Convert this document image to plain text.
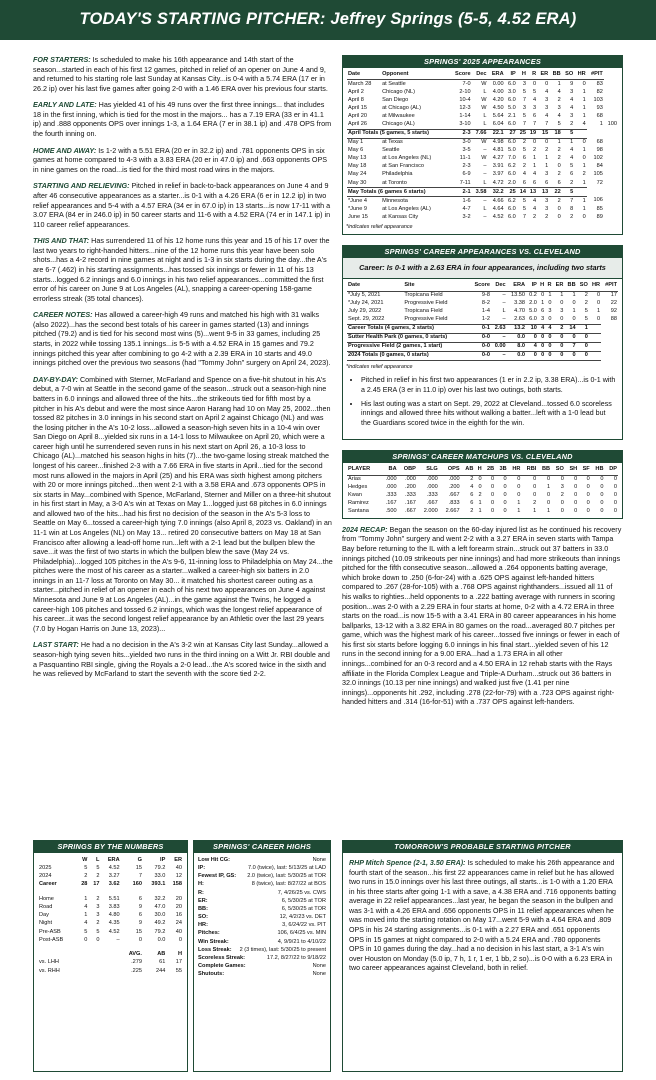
TODAY'S STARTING PITCHER: Jeffrey Springs (5-5, 4.52 ERA)

FOR STARTERS: Is scheduled to make his 16th appearance and 14th start of the season...started in each of his first 12 games, pitched in relief of an opener on June 4 and 9, and returned to his starting role last Sunday at Kansas City...is 0-4 with a 5.74 ERA (17 er in 26.2 ip) over his last five games after going 2-0 with a 1.46 ERA over his previous four starts.

EARLY AND LATE: Has yielded 41 of his 49 runs over the first three innings... that includes 18 in the first inning, which is tied for the most in the majors... has a 7.19 ERA (33 er in 41.1 ip) and .888 opponents OPS over innings 1-3, a 1.64 ERA (7 er in 38.1 ip) and .478 OPS from the fourth inning on.

HOME AND AWAY: Is 1-2 with a 5.51 ERA (20 er in 32.2 ip) and .781 opponents OPS in six games at home compared to 4-3 with a 3.83 ERA (20 er in 47.0 ip) and .663 opponents OPS in nine games on the road...is tied for the third most road wins in the majors.

STARTING AND RELIEVING: Pitched in relief in back-to-back appearances on June 4 and 9 after 46 consecutive appearances as a starter...is 0-1 with a 4.26 ERA (6 er in 12.2 ip) in two relief appearances and 5-4 with a 4.57 ERA (34 er in 67.0 ip) in 13 starts...is now 17-11 with a 3.07 ERA (84 er in 246.0 ip) in 50 career starts and 11-6 with a 4.52 ERA (74 er in 147.1 ip) in 110 career relief appearances.

THIS AND THAT: Has surrendered 11 of his 12 home runs this year and 15 of his 17 over the last two years to right-handed hitters...nine of the 12 home runs this year have been solo shots...has a 4-2 record in nine games at night and is 1-3 in six starts during the day...the A's are 6-7 (.462) in his starting assignments...has tossed six innings or fewer in 11 of his 13 starts...logged 6.2 innings and 6.0 innings in his two relief appearances...committed the first error of his career on June 9 at Los Angeles (AL), snapping a career-opening 158-game errorless streak (35 total chances).

CAREER NOTES: Has allowed a career-high 49 runs and matched his high with 31 walks (also 2022)...has the second best totals of his career in games started (13) and innings pitched (79.2) and is tied for his second most wins (5)...went 9-5 in 33 games, including 25 starts, in 2022 while tossing 135.1 innings...is 5-5 with a 4.52 ERA in 15 games and 79.2 innings pitched this year after combining to go 4-2 with a 2.39 ERA in 10 starts and 49.0 innings pitched over the previous two seasons (had "Tommy John" surgery on April 24, 2023).

DAY-BY-DAY: Combined with Sterner, McFarland and Spence on a five-hit shutout in his A's debut, a 7-0 win at Seattle in the second game of the season...struck out a season-high nine batters in 6.0 innings and allowed three of the hits...the strikeouts tied for fifth most by a pitcher in his A's debut and were the most since Aaron Harang had 10 on May 25, 2002...then tossed 82 pitches in 3.0 innings in his second start on April 2 against Chicago (NL) and was the losing pitcher in the A's 10-2 loss...allowed a season-high seven hits in a 10-4 win over San Diego on April 8...yielded six runs in a 14-1 loss to Milwaukee on April 20, which were a career high until he surrendered seven runs in his next start on April 26, a 10-3 loss to Chicago (AL)...matched his season highs in hits (7)...the two-game losing streak matched the longest of his career...finished 2-3 with a 7.66 ERA in five starts in April...tied for the second most runs allowed in the majors in April (25) and his ERA was sixth highest among pitchers with 20 or more innings pitched...then went 2-1 with a 3.58 ERA and .673 opponents OPS in six starts in May...combined with Spence, McFarland, Sterner and Miller on a three-hit shutout in his first start in May, a 3-0 A's win at Texas on May 1...logged just 68 pitches in 6.0 innings and allowed two of the hits...had his first no decision of the season in the A's 5-3 loss to Seattle on May 6...tossed a career-high tying 7.0 innings (also April 8, 2023 vs. Oakland) in an 11-1 win at Los Angeles (NL) on May 13... retired 20 consecutive batters on May 18 at San Francisco after allowing a lead-off home run...left with a 2-1 lead but the bullpen blew the save...it was the first of two starts in which the bullpen blew the save (May 24 vs. Philadelphia)...logged 105 pitches in the A's 9-6, 11-inning loss to Philadelphia on May 24...the pitches were the most of his career as a starter...walked a career-high six batters in 2.0 innings in an 11-7 loss at Toronto on May 30... it matched his shortest career outing as a starter...pitched in relief of an opener in each of his next two appearances on June 4 against Minnesota and June 9 at Los Angeles (AL)...in the game against the Twins, he logged a career-high 106 pitches and tossed 6.2 innings, which was the longest relief appearance of his career...it was the second longest relief appearance by an Athletic over the last 29 years (7.0 by Hogan Harris on June 13, 2023)...

LAST START: He had a no decision in the A's 3-2 win at Kansas City last Sunday...allowed a season-high tying seven hits...yielded two runs in the third inning on a Witt Jr. RBI double and a Pasquantino RBI single, giving the Royals a 2-0 lead...the A's scored twice in the sixth and he was relieved by McFarland to start the seventh with the score tied 2-2.

SPRINGS' 2025 APPEARANCES
Date	Opponent	Score	Dec	ERA	IP	H	R	ER	BB	SO	HR	#PIT	
March 28	at Seattle	7-0	W	0.00	6.0	3	0	0	1	9	0	83	
April 2	Chicago (NL)	2-10	L	4.00	3.0	5	5	4	4	3	1	82	
April 8	San Diego	10-4	W	4.20	6.0	7	4	3	2	4	1	103	
April 15	at Chicago (AL)	12-3	W	4.50	5.0	3	3	3	3	4	1	93	
April 20	at Milwaukee	1-14	L	5.64	2.1	5	6	4	4	3	1	68	
April 26	Chicago (AL)	3-10	L	6.04	6.0	7	7	7	5	2	4	1	100
April Totals (5 games, 5 starts)		2-3	7.66	22.1	27	25	19	15	18	5			
May 1	at Texas	3-0	W	4.98	6.0	2	0	0	1	1	0	68	
May 6	Seattle	3-5	–	4.81	5.0	5	2	2	2	4	1	98	
May 13	at Los Angeles (NL)	11-1	W	4.27	7.0	6	1	1	2	4	0	102	
May 18	at San Francisco	2-3	–	3.91	6.2	2	1	1	0	5	1	84	
May 24	Philadelphia	6-9	–	3.97	6.0	4	4	3	2	6	2	105	
May 30	at Toronto	7-11	L	4.72	2.0	6	6	6	6	2	1	72	
May Totals (6 games 6 starts)		2-1	3.58	32.2	25	14	13	13	22	5			
*June 4	Minnesota	1-6	–	4.66	6.2	5	4	3	2	7	1	106	
*June 9	at Los Angeles (AL)	4-7	L	4.64	6.0	5	4	3	0	8	1	85	
June 15	at Kansas City	3-2	–	4.52	6.0	7	2	2	0	2	0	89	
*indicates relief appearance
SPRINGS' CAREER APPEARANCES VS. CLEVELAND
Career: Is 0-1 with a 2.63 ERA in four appearances, including two starts
Date	Site	Score	Dec	ERA	IP	H	R	ER	BB	SO	HR	#PIT
*July 5, 2021	Tropicana Field	9-8	–	13.50	0.2	0	1	1	1	2	0	17
*July 24, 2021	Progressive Field	8-2	–	3.38	2.0	1	0	0	0	2	0	22
July 29, 2022	Tropicana Field	1-4	L	4.70	5.0	6	3	3	1	5	1	92
Sept. 29, 2022	Progressive Field	1-2	–	2.63	6.0	3	0	0	0	5	0	88
Career Totals (4 games, 2 starts)		0-1	2.63	13.2	10	4	4	2	14	1		
Sutter Health Park (0 games, 0 starts)		0-0	–	0.0	0	0	0	0	0	0		
Progressive Field (2 games, 1 start)		0-0	0.00	8.0	4	0	0	0	7	0		
2024 Totals (0 games, 0 starts)		0-0	–	0.0	0	0	0	0	0	0		
*indicates relief appearance
• Pitched in relief in his first two appearances (1 er in 2.2 ip, 3.38 ERA)...is 0-1 with a 2.45 ERA (3 er in 11.0 ip) over his last two outings, both starts.
• His last outing was a start on Sept. 29, 2022 at Cleveland...tossed 6.0 scoreless innings and allowed three hits without walking a batter...left with a 1-0 lead but the Guardians scored twice in the eighth for the win.
SPRINGS' CAREER MATCHUPS VS. CLEVELAND
PLAYER	BA	OBP	SLG	OPS	AB	H	2B	3B	HR	RBI	BB	SO	SH	SF	HB	DP
Arias	.000	.000	.000	.000	2	0	0	0	0	0	0	0	0	0	0	0
Hedges	.000	.200	.000	.200	4	0	0	0	0	0	1	3	0	0	0	0
Kwan	.333	.333	.333	.667	6	2	0	0	0	0	0	2	0	0	0	0
Ramirez	.167	.167	.667	.833	6	1	0	0	1	2	0	0	0	0	0	0
Santana	.500	.667	2.000	2.667	2	1	0	0	1	1	1	0	0	0	0	0

2024 RECAP: Began the season on the 60-day injured list as he continued his recovery from "Tommy John" surgery and went 2-2 with a 3.27 ERA in seven starts with Tampa Bay before returning to the IL with a left forearm strain...struck out 37 batters in 33.0 innings pitched (10.09 strikeouts per nine innings) and had more strikeouts than innings pitched for the fifth consecutive season...allowed a .264 opponents batting average, which broke down to .250 (6-for-24) with a .625 OPS against left-handed hitters compared to .267 (28-for-105) with a .768 OPS against righthanders...issued all 11 of his walks to righties...held opponents to a .222 batting average with runners in scoring position...was 2-0 with a 2.29 ERA in four starts at home, 0-2 with a 4.72 ERA in three starts on the road...is now 15-5 with a 3.41 ERA in 80 career appearances in his home ballparks, 13-12 with a 3.82 ERA in 80 games on the road...averaged 80.7 pitches per game, which was the highest mark of his career...tossed five innings or fewer in each of his first six starts before logging 6.0 innings in his final start...yielded seven of his 12 runs in the second inning for a 9.00 ERA...had a 1.73 ERA in all other innings...combined for an 0-3 record and a 4.50 ERA in 12 rehab starts with the Rays affiliate in the Florida Complex League and Triple-A Durham...struck out 36 batters in 32.0 innings (10.13 per nine innings) and walked just five (1.41 per nine innings)...opponents hit .292, including .278 (22-for-79) with a .723 OPS against right-handed hitters and .314 (16-for-51) with a .737 OPS against left-handers.

SPRINGS BY THE NUMBERS
	W	L	ERA	G	IP	ER
2025	5	5	4.52	15	79.2	40
2024	2	2	3.27	7	33.0	12
Career	28	17	3.62	160	393.1	158

Home	1	2	5.51	6	32.2	20
Road	4	3	3.83	9	47.0	20
Day	1	3	4.80	6	30.0	16
Night	4	2	4.35	9	49.2	24
Pre-ASB	5	5	4.52	15	79.2	40
Post-ASB	0	0	–	0	0.0	0

				AVG.	AB	H
vs. LHH				.279	61	17
vs. RHH				.225	244	55
SPRINGS' CAREER HIGHS
Low Hit CG:	None
IP:	7.0 (twice), last: 5/13/25 at LAD
Fewest IP, GS: 2.0 (twice), last: 5/30/25 at TOR
H:	8 (twice), last: 8/27/22 at BOS
R:	7, 4/26/25 vs. CWS
ER:	6, 5/30/25 at TOR
BB:	6, 5/30/25 at TOR
SO:	12, 4/2/23 vs. DET
HR:	3, 6/24/22 vs. PIT
Pitches:	106, 6/4/25 vs. MIN
Win Streak:	4, 9/9/21 to 4/10/22
Loss Streak: 2 (3 times), last: 5/30/25 to present
Scoreless Streak:	17.2, 8/27/22 to 9/18/22
Complete Games:	None
Shutouts:	None
TOMORROW'S PROBABLE STARTING PITCHER

RHP Mitch Spence (2-1, 3.50 ERA): Is scheduled to make his 26th appearance and fourth start of the season...his first 22 appearances came in relief but he has allowed two runs in 15.0 innings over his last three outings, all starts...is 1-0 with a 1.20 ERA in his three starts after going 1-1 with a save, a 4.38 ERA and .716 opponents batting average in 22 relief appearances...last year, he began the season in the bullpen and was 3-1 with a 4.26 ERA and .656 opponents OPS in 11 relief appearances when he was moved into the starting rotation on May 17...went 5-9 with a 4.64 ERA and .809 OPS in his 24 starting assignments...is 0-1 with a 2.27 ERA and .651 opponents OPS in 15 games at night compared to 2-0 with a 5.24 ERA and .780 opponents OPS in 10 games during the day...had a no decision in his last start, a 3-1 A's win over Houston on Monday (5.0 ip, 7 h, 1 r, 1 er, 1 bb, 2 so)...is 0-0 with a 6.23 ERA in two career appearances against Cleveland, both in relief.
